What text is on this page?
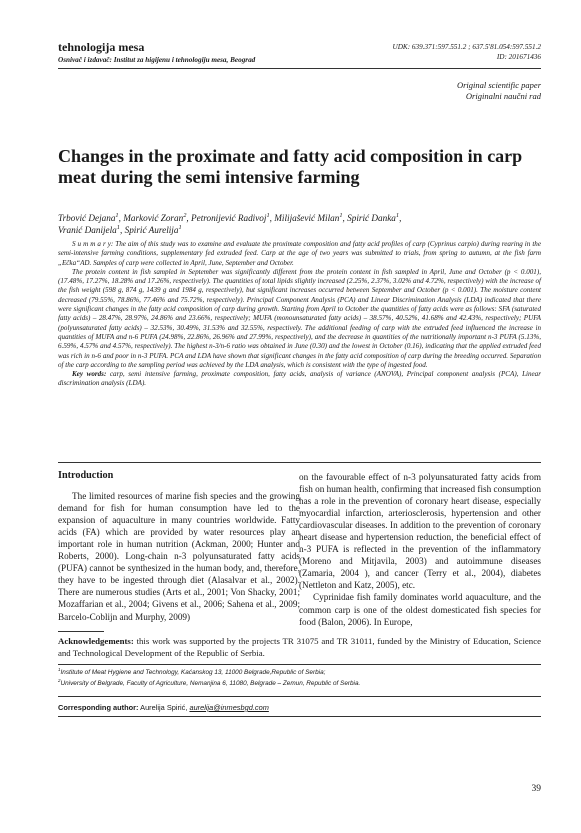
tehnologija mesa
Osnivač i izdavač: Institut za higijenu i tehnologiju mesa, Beograd
UDK: 639.371:597.551.2 ; 637.5'81.054:597.551.2
ID: 201671436
Original scientific paper
Originalni naučni rad
Changes in the proximate and fatty acid composition in carp meat during the semi intensive farming
Trbović Dejana$^1$, Marković Zoran$^2$, Petronijević Radivoj$^1$, Milijašević Milan$^1$, Spirić Danka$^1$,
Vranić Danijela$^1$, Spirić Aurelija$^1$

S u m m a r y: The aim of this study was to examine and evaluate the proximate composition and fatty acid profiles of carp (Cyprinus carpio) during rearing in the semi-intensive farming conditions, supplementary fed extruded feed. Carp at the age of two years was submitted to trials, from spring to autumn, at the fish farm „Ečka“AD. Samples of carp were collected in April, June, September and October.

The protein content in fish sampled in September was significantly different from the protein content in fish sampled in April, June and October (p < 0.001), (17.48%, 17.27%, 18.28% and 17.26%, respectively). The quantities of total lipids slightly increased (2.25%, 2.37%, 3.02% and 4.72%, respectively) with the increase of the fish weight (598 g, 874 g, 1439 g and 1984 g, respectively), but significant increases occurred between September and October (p < 0.001). The moisture content decreased (79.55%, 78.86%, 77.46% and 75.72%, respectively). Principal Component Analysis (PCA) and Linear Discrimination Analysis (LDA) indicated that there were significant changes in the fatty acid composition of carp during growth. Starting from April to October the quantities of fatty acids were as follows: SFA (saturated fatty acids) – 28.47%, 28.97%, 24.86% and 23.66%, respectively; MUFA (monounsaturated fatty acids) – 38.57%, 40.52%, 41.68% and 42.43%, respectively; PUFA (polyunsaturated fatty acids) – 32.53%, 30.49%, 31.53% and 32.55%, respectively. The additional feeding of carp with the extruded feed influenced the increase in quantities of MUFA and n-6 PUFA (24.98%, 22.86%, 26.96% and 27.99%, respectively), and the decrease in quantities of the nutritionally important n-3 PUFA (5.13%, 6.59%, 4.57% and 4.57%, respectively). The highest n-3/n-6 ratio was obtained in June (0.30) and the lowest in October (0.16), indicating that the applied extruded feed was rich in n-6 and poor in n-3 PUFA. PCA and LDA have shown that significant changes in the fatty acid composition of carp during the breeding occurred. Separation of the carp according to the sampling period was achieved by the LDA analysis, which is consistent with the type of ingested food.

Key words: carp, semi intensive farming, proximate composition, fatty acids, analysis of variance (ANOVA), Principal component analysis (PCA), Linear discrimination analysis (LDA).

Introduction

The limited resources of marine fish species and the growing demand for fish for human consumption have led to the expansion of aquaculture in many countries worldwide. Fatty acids (FA) which are provided by water resources play an important role in human nutrition (Ackman, 2000; Hunter and Roberts, 2000). Long-chain n-3 polyunsaturated fatty acids (PUFA) cannot be synthesized in the human body, and, therefore, they have to be ingested through diet (Alasalvar et al., 2002). There are numerous studies (Arts et al., 2001; Von Shacky, 2001; Mozaffarian et al., 2004; Givens et al., 2006; Sahena et al., 2009; Barcelo-Coblijn and Murphy, 2009)

on the favourable effect of n-3 polyunsaturated fatty acids from fish on human health, confirming that increased fish consumption has a role in the prevention of coronary heart disease, especially myocardial infarction, arteriosclerosis, hypertension and other cardiovascular diseases. In addition to the prevention of coronary heart disease and hypertension reduction, the beneficial effect of n-3 PUFA is reflected in the prevention of the inflammatory (Moreno and Mitjavila, 2003) and autoimmune diseases (Zamaria, 2004 ), and cancer (Terry et al., 2004), diabetes (Nettleton and Katz, 2005), etc.

Cyprinidae fish family dominates world aquaculture, and the common carp is one of the oldest domesticated fish species for food (Balon, 2006). In Europe,

Acknowledgements: this work was supported by the projects TR 31075 and TR 31011, funded by the Ministry of Education, Science and Technological Development of the Republic of Serbia.
$^1$Institute of Meat Hygiene and Technology, Kaćanskog 13, 11000 Belgrade,Republic of Serbia;
$^2$University of Belgrade, Faculty of Agriculture, Nemanjina 6, 11080, Belgrade – Zemun, Republic of Serbia.
Corresponding author: Aurelija Spirić, aurelija@inmesbgd.com
39
